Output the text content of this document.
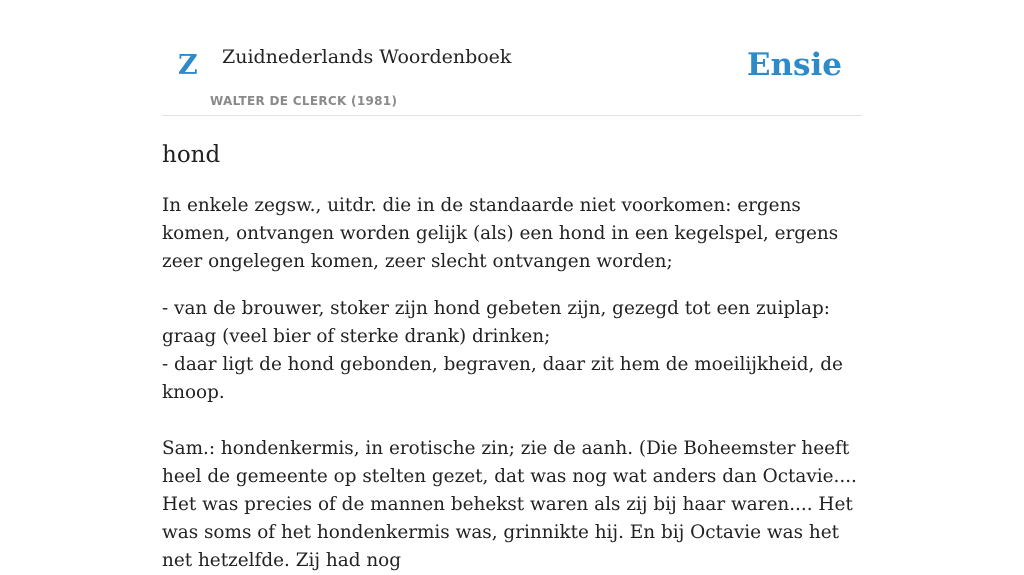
Z Zuidnederlands Woordenboek
WALTER DE CLERCK (1981)
Ensie
hond

In enkele zegsw., uitdr. die in de standaarde niet voorkomen: ergens komen, ontvangen worden gelijk (als) een hond in een kegelspel, ergens zeer ongelegen komen, zeer slecht ontvangen worden;

- van de brouwer, stoker zijn hond gebeten zijn, gezegd tot een zuiplap: graag (veel bier of sterke drank) drinken;
- daar ligt de hond gebonden, begraven, daar zit hem de moeilijkheid, de knoop.

Sam.: hondenkermis, in erotische zin; zie de aanh. (Die Boheemster heeft heel de gemeente op stelten gezet, dat was nog wat anders dan Octavie.... Het was precies of de mannen behekst waren als zij bij haar waren.... Het was soms of het hondenkermis was, grinnikte hij. En bij Octavie was het net hetzelfde. Zij had nog
